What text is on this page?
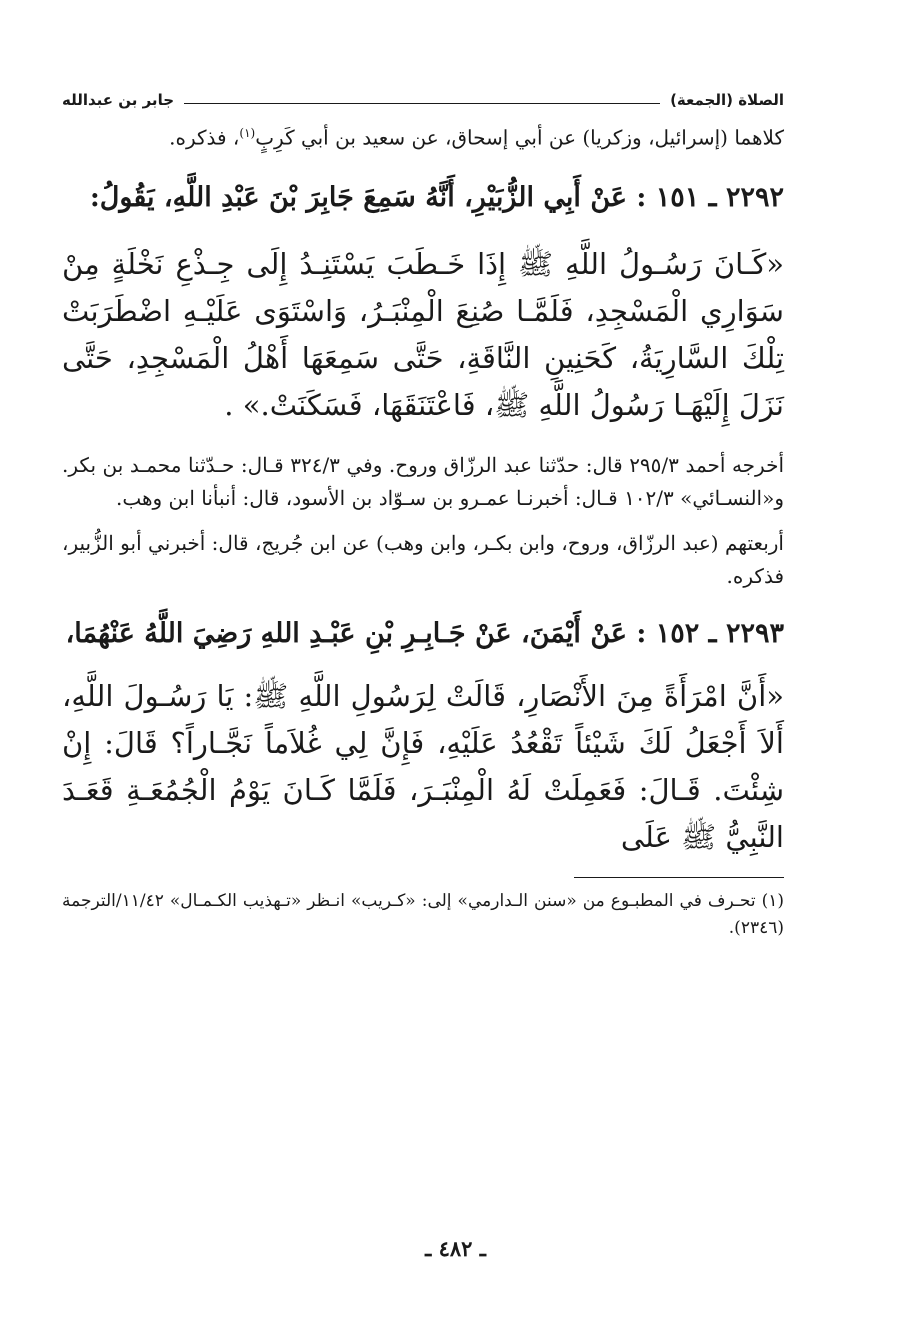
الصلاة (الجمعة)
جابر بن عبدالله

كلاهما (إسرائيل، وزكريا) عن أبي إسحاق، عن سعيد بن أبي كَرِبٍ$^{(١)}$، فذكره.

٢٢٩٢ ـ ١٥١ : عَنْ أَبِي الزُّبَيْرِ، أَنَّهُ سَمِعَ جَابِرَ بْنَ عَبْدِ اللَّهِ، يَقُولُ:

«كَـانَ رَسُـولُ اللَّهِ ﷺ إِذَا خَـطَبَ يَسْتَنِـدُ إِلَى جِـذْعِ نَخْلَةٍ مِنْ سَوَارِي الْمَسْجِدِ، فَلَمَّـا صُنِعَ الْمِنْبَـرُ، وَاسْتَوَى عَلَيْـهِ اضْطَرَبَتْ تِلْكَ السَّارِيَةُ، كَحَنِينِ النَّاقَةِ، حَتَّى سَمِعَهَا أَهْلُ الْمَسْجِدِ، حَتَّى نَزَلَ إِلَيْهَـا رَسُولُ اللَّهِ ﷺ، فَاعْتَنَقَهَا، فَسَكَنَتْ.» .

أخرجه أحمد ٢٩٥/٣ قال: حدّثنا عبد الرزّاق وروح. وفي ٣٢٤/٣ قـال: حـدّثنا محمـد بن بكر. و«النسـائي» ١٠٢/٣ قـال: أخبرنـا عمـرو بن سـوّاد بن الأسود، قال: أنبأنا ابن وهب.

أربعتهم (عبد الرزّاق، وروح، وابن بكـر، وابن وهب) عن ابن جُريج، قال: أخبرني أبو الزُّبير، فذكره.

٢٢٩٣ ـ ١٥٢ : عَنْ أَيْمَنَ، عَنْ جَـابِـرِ بْنِ عَبْـدِ اللهِ رَضِيَ اللَّهُ عَنْهُمَا،

«أَنَّ امْرَأَةً مِنَ الأَنْصَارِ، قَالَتْ لِرَسُولِ اللَّهِ ﷺ: يَا رَسُـولَ اللَّهِ، أَلاَ أَجْعَلُ لَكَ شَيْئاً تَقْعُدُ عَلَيْهِ، فَإِنَّ لِي غُلاَماً نَجَّـاراً؟ قَالَ: إِنْ شِئْتَ. قَـالَ: فَعَمِلَتْ لَهُ الْمِنْبَـرَ، فَلَمَّا كَـانَ يَوْمُ الْجُمُعَـةِ قَعَـدَ النَّبِيُّ ﷺ عَلَى

(١) تحـرف في المطبـوع من «سنن الـدارمي» إلى: «كـريب» انـظر «تـهذيب الكـمـال» ١١/٤٢/الترجمة (٢٣٤٦).

ـ ٤٨٢ ـ
